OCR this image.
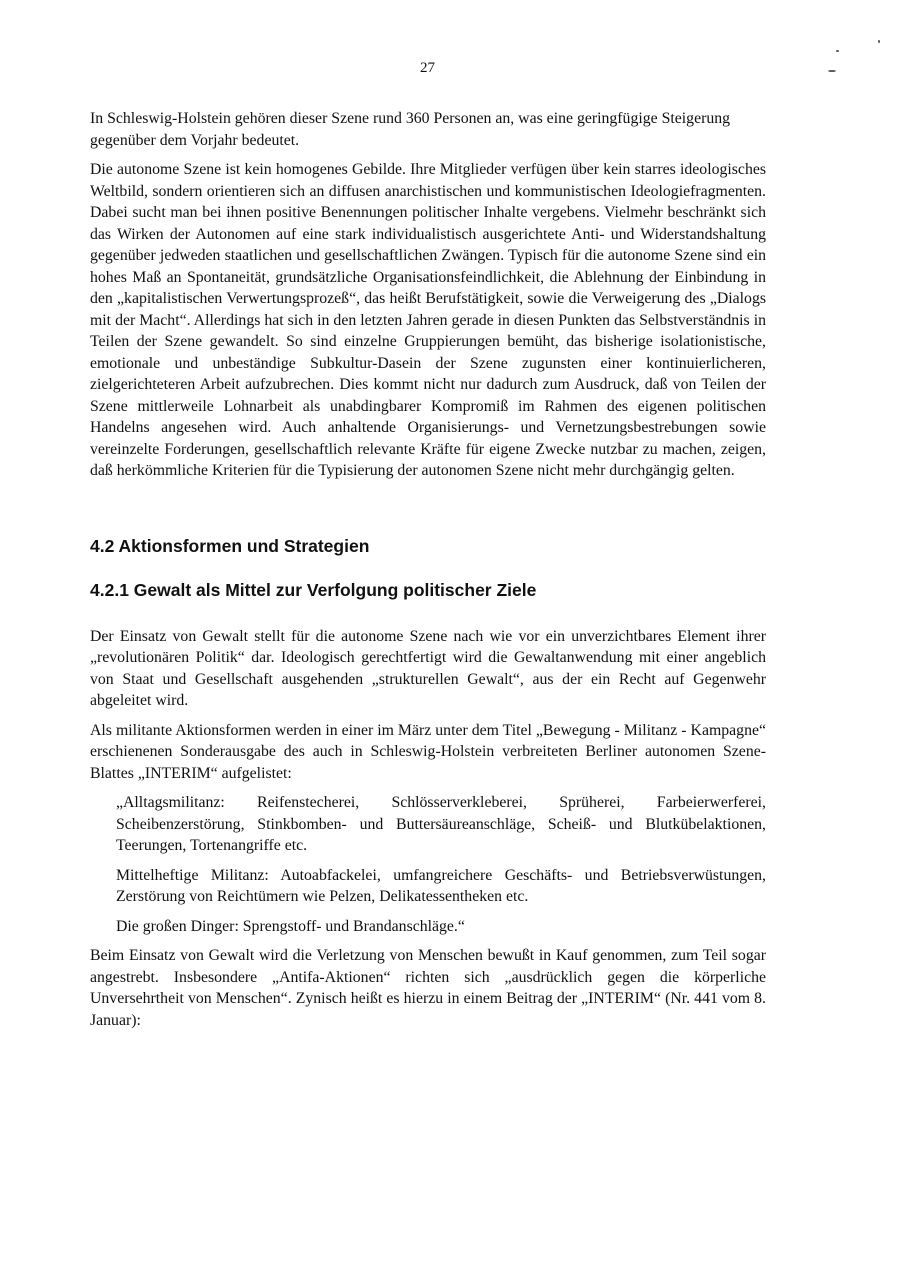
27

In Schleswig-Holstein gehören dieser Szene rund 360 Personen an, was eine geringfügige Steigerung gegenüber dem Vorjahr bedeutet.

Die autonome Szene ist kein homogenes Gebilde. Ihre Mitglieder verfügen über kein starres ideologisches Weltbild, sondern orientieren sich an diffusen anarchistischen und kommunistischen Ideologiefragmenten. Dabei sucht man bei ihnen positive Benennungen politischer Inhalte vergebens. Vielmehr beschränkt sich das Wirken der Autonomen auf eine stark individualistisch ausgerichtete Anti- und Widerstandshaltung gegenüber jedweden staatlichen und gesellschaftlichen Zwängen. Typisch für die autonome Szene sind ein hohes Maß an Spontaneität, grundsätzliche Organisationsfeindlichkeit, die Ablehnung der Einbindung in den „kapitalistischen Verwertungsprozeß“, das heißt Berufstätigkeit, sowie die Verweigerung des „Dialogs mit der Macht“. Allerdings hat sich in den letzten Jahren gerade in diesen Punkten das Selbstverständnis in Teilen der Szene gewandelt. So sind einzelne Gruppierungen bemüht, das bisherige isolationistische, emotionale und unbeständige Subkultur-Dasein der Szene zugunsten einer kontinuierlicheren, zielgerichteteren Arbeit aufzubrechen. Dies kommt nicht nur dadurch zum Ausdruck, daß von Teilen der Szene mittlerweile Lohnarbeit als unabdingbarer Kompromiß im Rahmen des eigenen politischen Handelns angesehen wird. Auch anhaltende Organisierungs- und Vernetzungsbestrebungen sowie vereinzelte Forderungen, gesellschaftlich relevante Kräfte für eigene Zwecke nutzbar zu machen, zeigen, daß herkömmliche Kriterien für die Typisierung der autonomen Szene nicht mehr durchgängig gelten.

4.2 Aktionsformen und Strategien
4.2.1 Gewalt als Mittel zur Verfolgung politischer Ziele

Der Einsatz von Gewalt stellt für die autonome Szene nach wie vor ein unverzichtbares Element ihrer „revolutionären Politik“ dar. Ideologisch gerechtfertigt wird die Gewaltanwendung mit einer angeblich von Staat und Gesellschaft ausgehenden „strukturellen Gewalt“, aus der ein Recht auf Gegenwehr abgeleitet wird.

Als militante Aktionsformen werden in einer im März unter dem Titel „Bewegung - Militanz - Kampagne“ erschienenen Sonderausgabe des auch in Schleswig-Holstein verbreiteten Berliner autonomen Szene-Blattes „INTERIM“ aufgelistet:

„Alltagsmilitanz: Reifenstecherei, Schlösserverkleberei, Sprüherei, Farbeierwerferei, Scheibenzerstörung, Stinkbomben- und Buttersäureanschläge, Scheiß- und Blutkübelaktionen, Teerungen, Tortenangriffe etc.

Mittelheftige Militanz: Autoabfackelei, umfangreichere Geschäfts- und Betriebsverwüstungen, Zerstörung von Reichtümern wie Pelzen, Delikatessentheken etc.

Die großen Dinger: Sprengstoff- und Brandanschläge.“

Beim Einsatz von Gewalt wird die Verletzung von Menschen bewußt in Kauf genommen, zum Teil sogar angestrebt. Insbesondere „Antifa-Aktionen“ richten sich „ausdrücklich gegen die körperliche Unversehrtheit von Menschen“. Zynisch heißt es hierzu in einem Beitrag der „INTERIM“ (Nr. 441 vom 8. Januar):
